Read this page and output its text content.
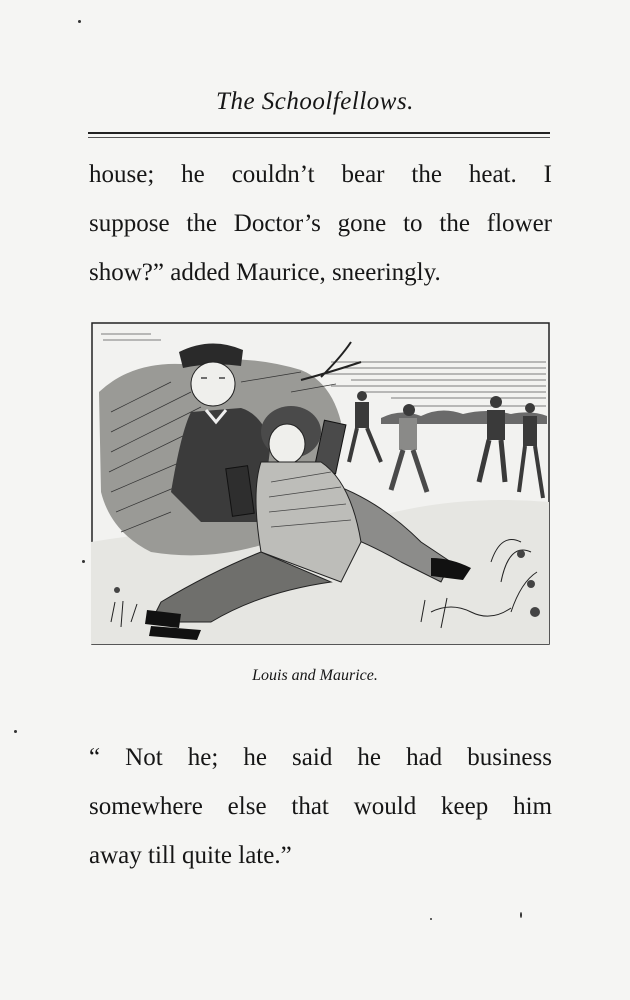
The Schoolfellows.
house; he couldn’t bear the heat. I
suppose the Doctor’s gone to the flower
show?” added Maurice, sneeringly.
Louis and Maurice.
“ Not he; he said he had business
somewhere else that would keep him
away till quite late.”
